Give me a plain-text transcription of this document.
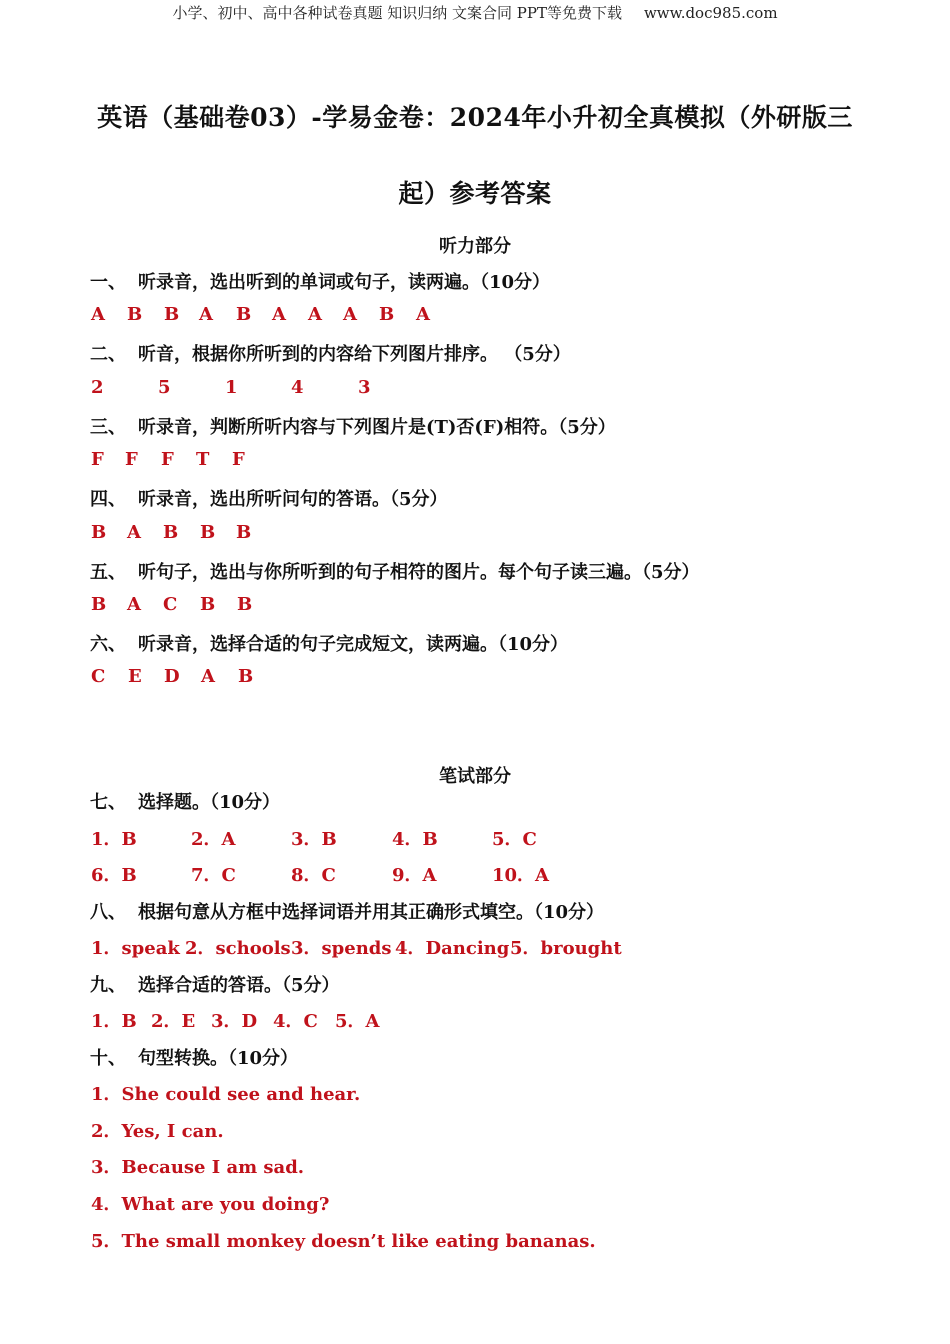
小学、初中、高中各种试卷真题 知识归纳 文案合同 PPT等免费下载 www.doc985.com
英语（基础卷03）-学易金卷：2024年小升初全真模拟（外研版三
起）参考答案
听力部分
一、 听录音，选出听到的单词或句子，读两遍。（10分）
A B B A B A A A B A
二、 听音，根据你所听到的内容给下列图片排序。 （5分）
2	5	1	4	3
三、 听录音，判断所听内容与下列图片是(T)否(F)相符。（5分）
F F F T F
四、 听录音，选出所听问句的答语。（5分）
B A B B B
五、 听句子，选出与你所听到的句子相符的图片。每个句子读三遍。（5分）
B A C B B
六、 听录音，选择合适的句子完成短文，读两遍。（10分）
C E D A B
笔试部分
七、 选择题。（10分）
1．B	2．A	3．B	4．B	5．C
6．B	7．C	8．C	9．A	10．A
八、 根据句意从方框中选择词语并用其正确形式填空。（10分）
1．speak 2．schools 3．spends 4．Dancing 5．brought
九、 选择合适的答语。（5分）
1．B 2．E 3．D 4．C 5．A
十、 句型转换。（10分）
1．She could see and hear.
2．Yes, I can.
3．Because I am sad.
4．What are you doing?
5．The small monkey doesn’t like eating bananas.
